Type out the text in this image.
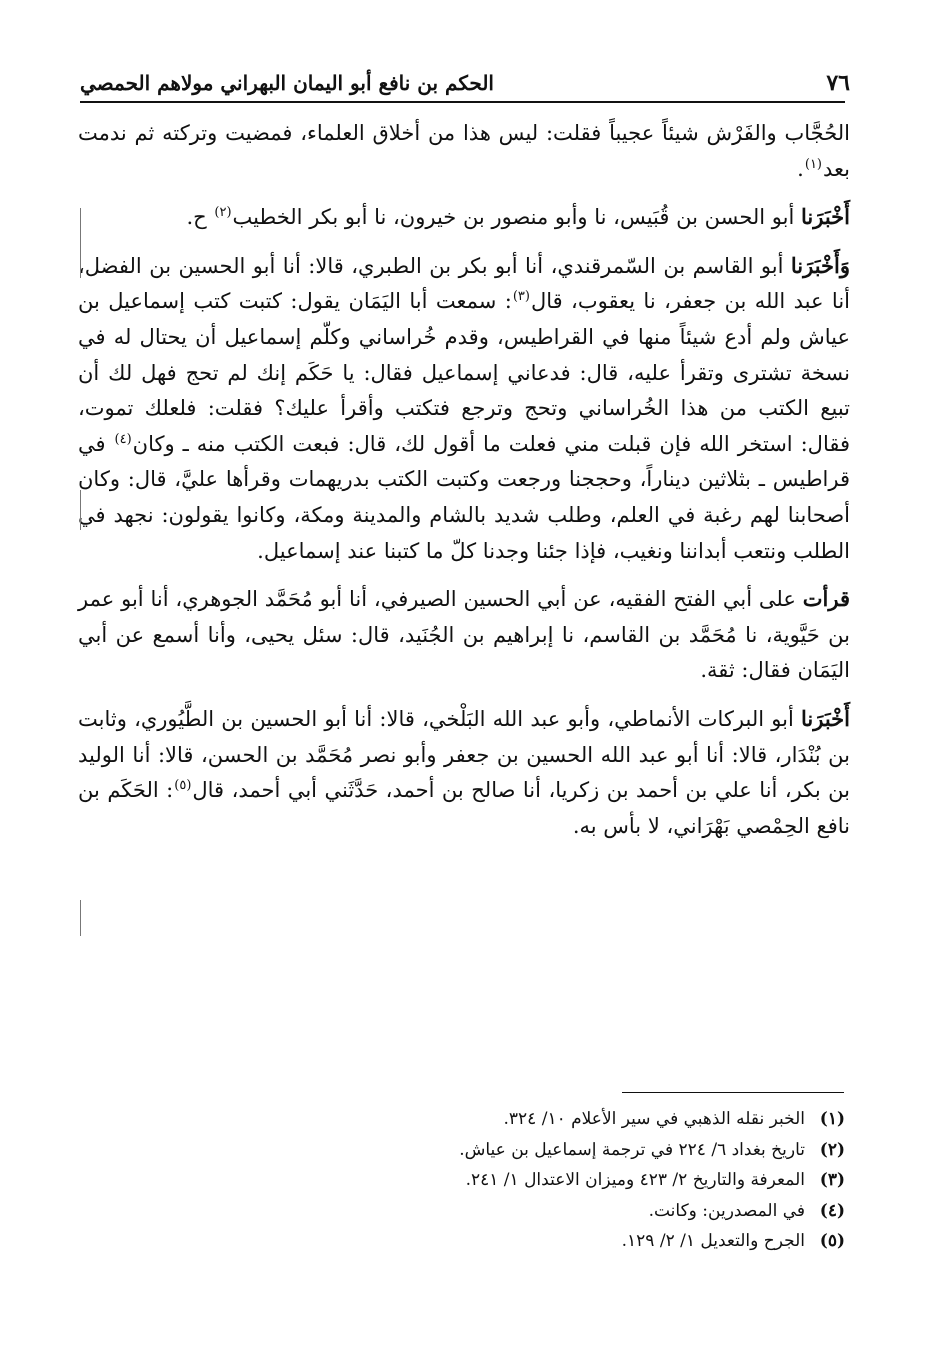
٧٦
الحكم بن نافع أبو اليمان البهراني مولاهم الحمصي

الحُجَّاب والفَرْش شيئاً عجيباً فقلت: ليس هذا من أخلاق العلماء، فمضيت وتركته ثم ندمت بعد$^{(١)}$.

أَخْبَرَنا أبو الحسن بن قُبَيس، نا وأبو منصور بن خيرون، نا أبو بكر الخطيب$^{(٢)}$ ح.

وَأَخْبَرَنا أبو القاسم بن السّمرقندي، أنا أبو بكر بن الطبري، قالا: أنا أبو الحسين بن الفضل، أنا عبد الله بن جعفر، نا يعقوب، قال$^{(٣)}$: سمعت أبا اليَمَان يقول: كتبت كتب إسماعيل بن عياش ولم أدع شيئاً منها في القراطيس، وقدم خُراساني وكلّم إسماعيل أن يحتال له في نسخة تشترى وتقرأ عليه، قال: فدعاني إسماعيل فقال: يا حَكَم إنك لم تحج فهل لك أن تبيع الكتب من هذا الخُراساني وتحج وترجع فتكتب وأقرأ عليك؟ فقلت: فلعلك تموت، فقال: استخر الله فإن قبلت مني فعلت ما أقول لك، قال: فبعت الكتب منه ـ وكان$^{(٤)}$ في قراطيس ـ بثلاثين ديناراً، وحججنا ورجعت وكتبت الكتب بدريهمات وقرأها عليَّ، قال: وكان أصحابنا لهم رغبة في العلم، وطلب شديد بالشام والمدينة ومكة، وكانوا يقولون: نجهد في الطلب ونتعب أبداننا ونغيب، فإذا جئنا وجدنا كلّ ما كتبنا عند إسماعيل.

قرأت على أبي الفتح الفقيه، عن أبي الحسين الصيرفي، أنا أبو مُحَمَّد الجوهري، أنا أبو عمر بن حَيَّوية، نا مُحَمَّد بن القاسم، نا إبراهيم بن الجُنَيد، قال: سئل يحيى، وأنا أسمع عن أبي اليَمَان فقال: ثقة.

أَخْبَرَنا أبو البركات الأنماطي، وأبو عبد الله البَلْخي، قالا: أنا أبو الحسين بن الطَّيُوري، وثابت بن بُنْدَار، قالا: أنا أبو عبد الله الحسين بن جعفر وأبو نصر مُحَمَّد بن الحسن، قالا: أنا الوليد بن بكر، أنا علي بن أحمد بن زكريا، أنا صالح بن أحمد، حَدَّثَني أبي أحمد، قال$^{(٥)}$: الحَكَم بن نافع الحِمْصي بَهْرَاني، لا بأس به.

(١)
الخبر نقله الذهبي في سير الأعلام ١٠/ ٣٢٤.
(٢)
تاريخ بغداد ٦/ ٢٢٤ في ترجمة إسماعيل بن عياش.
(٣)
المعرفة والتاريخ ٢/ ٤٢٣ وميزان الاعتدال ١/ ٢٤١.
(٤)
في المصدرين: وكانت.
(٥)
الجرح والتعديل ١/ ٢/ ١٢٩.
